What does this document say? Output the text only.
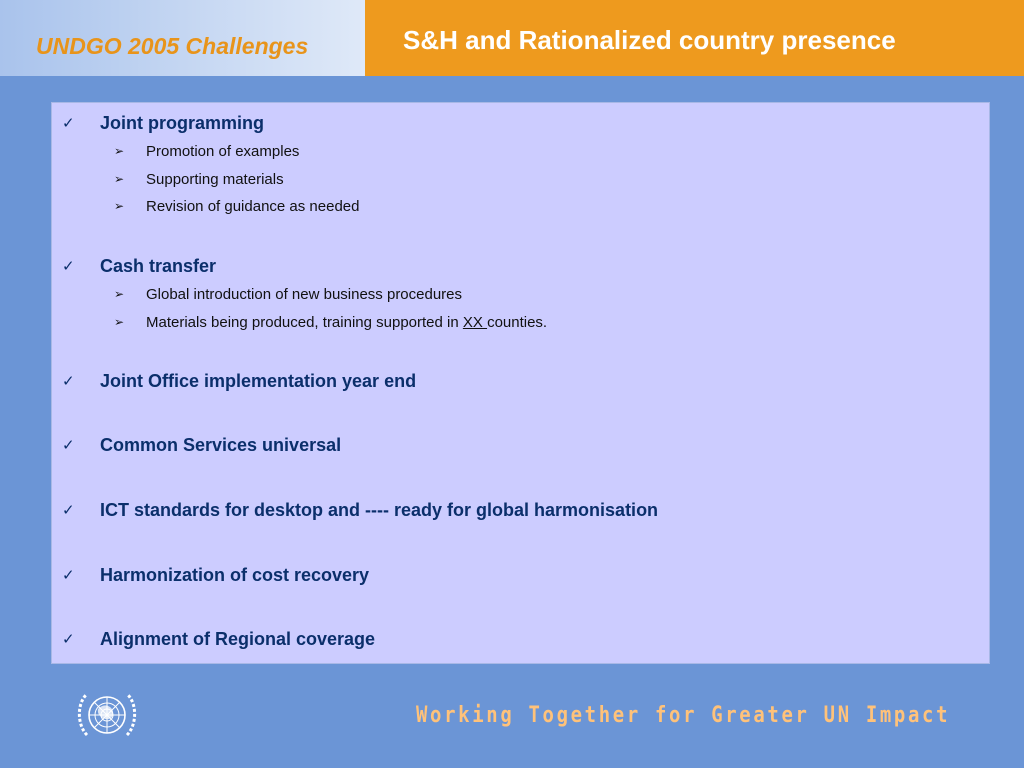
UNDGO 2005 Challenges	S&H and Rationalized country presence
✓ Joint programming
➢ Promotion of examples
➢ Supporting materials
➢ Revision of guidance as needed
✓ Cash transfer
➢ Global introduction of new business procedures
➢ Materials being produced, training supported in XX counties.
✓ Joint Office implementation year end
✓ Common Services universal
✓ ICT standards for desktop and ---- ready for global harmonisation
✓ Harmonization of cost recovery
✓ Alignment of Regional coverage
Working Together for Greater UN Impact
